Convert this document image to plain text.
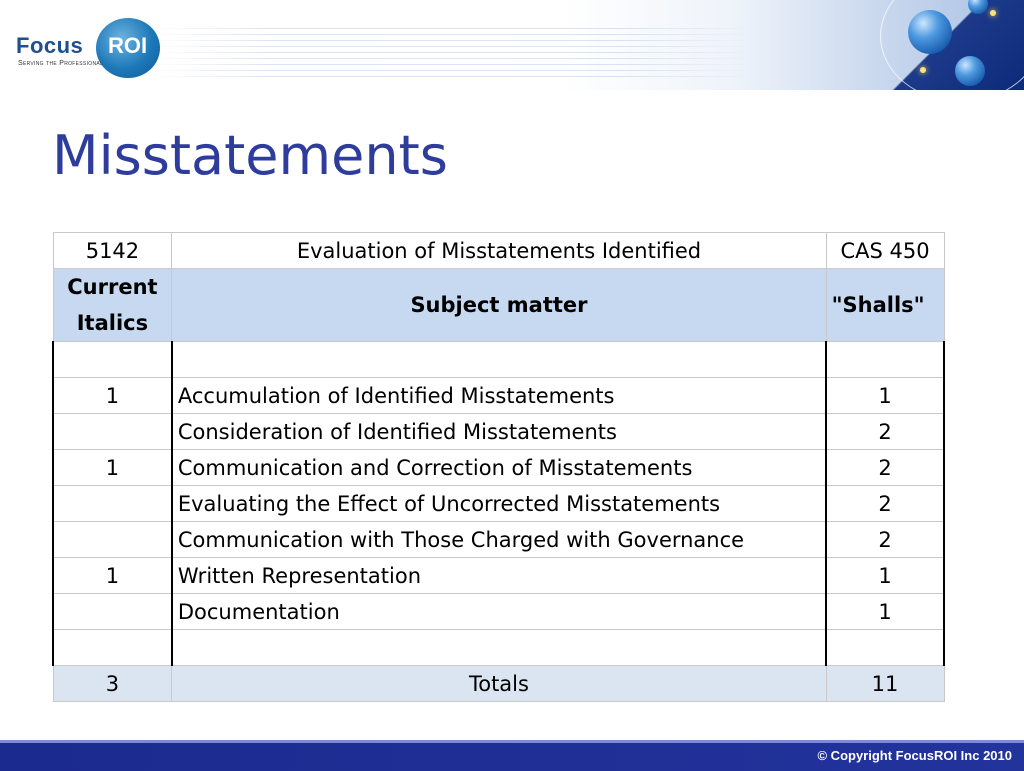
Focus ROI
Serving the Professional
Misstatements
5142	Evaluation of Misstatements Identified	CAS 450

Current
Italics	Subject matter	"Shalls"

1	Accumulation of Identified Misstatements	1
	Consideration of Identified Misstatements	2
1	Communication and Correction of Misstatements	2
	Evaluating the Effect of Uncorrected Misstatements	2
	Communication with Those Charged with Governance	2
1	Written Representation	1
	Documentation	1

3	Totals	11
© Copyright FocusROI Inc 2010
